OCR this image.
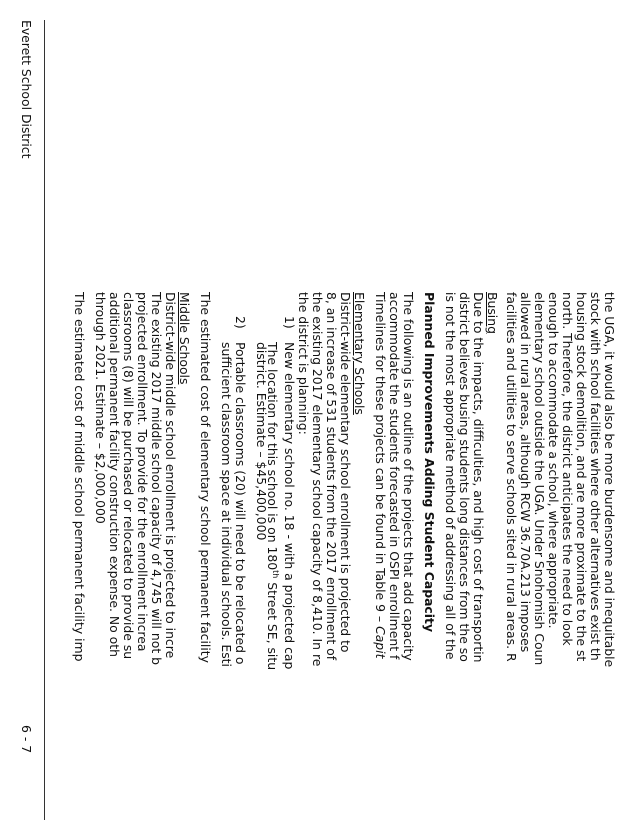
the UGA, it would also be more burdensome and inequitable
stock with school facilities where other alternatives exist th
housing stock demolition, and are more proximate to the st
north. Therefore, the district anticipates the need to look
enough to accommodate a school, where appropriate.
elementary school outside the UGA. Under Snohomish Coun
allowed in rural areas, although RCW 36.70A.213 imposes
facilities and utilities to serve schools sited in rural areas. R
Busing
Due to the impacts, difficulties, and high cost of transportin
district believes busing students long distances from the so
is not the most appropriate method of addressing all of the
Planned Improvements Adding Student Capacity
The following is an outline of the projects that add capacity
accommodate the students forecasted in OSPI enrollment f
Timelines for these projects can be found in Table 9 – Capit
Elementary Schools
District-wide elementary school enrollment is projected to
8, an increase of 531 students from the 2017 enrollment of
the existing 2017 elementary school capacity of 8,410. In re
the district is planning:
1)
New elementary school no. 18 - with a projected cap
The location for this school is on 180th Street SE, situ
district. Estimate – $45,400,000
2)
Portable classrooms (20) will need to be relocated o
sufficient classroom space at individual schools. Esti
The estimated cost of elementary school permanent facility
Middle Schools
District-wide middle school enrollment is projected to incre
The existing 2017 middle school capacity of 4,745 will not b
projected enrollment. To provide for the enrollment increa
classrooms (8) will be purchased or relocated to provide su
additional permanent facility construction expense. No oth
through 2021. Estimate – $2,000,000
The estimated cost of middle school permanent facility imp
Everett School District
6 - 7
